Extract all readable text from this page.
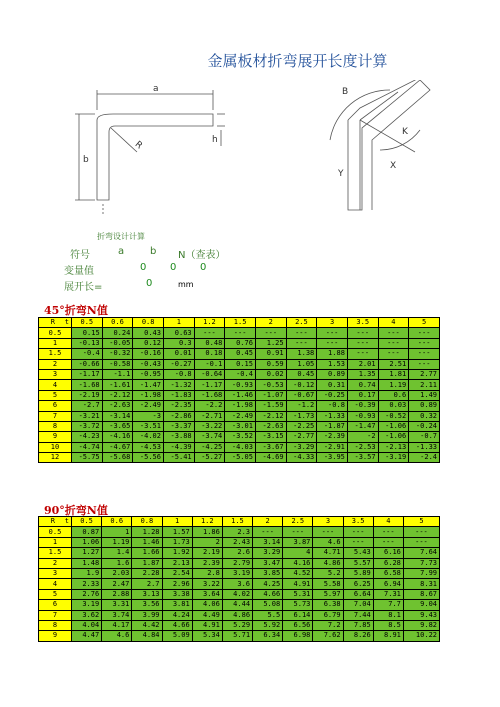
金属板材折弯展开长度计算
a
b
R	h
B
X
Y
K
折弯设计计算
符号	a	b	N（查表）
变量值	0	0	0
展开长=	0	mm
45°折弯N值
R t	0.5	0.6	0.8	1	1.2	1.5	2	2.5	3	3.5	4	5
0.5	0.15	0.24	0.43	0.63	---	---	---	---	---	---	---	---
1	-0.13	-0.05	0.12	0.3	0.48	0.76	1.25	---	---	---	---	---
1.5	-0.4	-0.32	-0.16	0.01	0.18	0.45	0.91	1.38	1.88	---	---	---
2	-0.66	-0.58	-0.43	-0.27	-0.1	0.15	0.59	1.05	1.53	2.01	2.51	---
3	-1.17	-1.1	-0.95	-0.8	-0.64	-0.4	0.02	0.45	0.89	1.35	1.81	2.77
4	-1.68	-1.61	-1.47	-1.32	-1.17	-0.93	-0.53	-0.12	0.31	0.74	1.19	2.11
5	-2.19	-2.12	-1.98	-1.83	-1.68	-1.46	-1.07	-0.67	-0.25	0.17	0.6	1.49
6	-2.7	-2.63	-2.49	-2.35	-2.2	-1.98	-1.59	-1.2	-0.8	-0.39	0.03	0.89
7	-3.21	-3.14	-3	-2.86	-2.71	-2.49	-2.12	-1.73	-1.33	-0.93	-0.52	0.32
8	-3.72	-3.65	-3.51	-3.37	-3.22	-3.01	-2.63	-2.25	-1.87	-1.47	-1.06	-0.24
9	-4.23	-4.16	-4.02	-3.88	-3.74	-3.52	-3.15	-2.77	-2.39	-2	-1.06	-0.7
10	-4.74	-4.67	-4.53	-4.39	-4.25	-4.03	-3.67	-3.29	-2.91	-2.53	-2.13	-1.33
12	-5.75	-5.68	-5.56	-5.41	-5.27	-5.05	-4.69	-4.33	-3.95	-3.57	-3.19	-2.4
90°折弯N值
R t	0.5	0.6	0.8	1	1.2	1.5	2	2.5	3	3.5	4	5
0.5	0.87	1	1.28	1.57	1.86	2.3	---	---	---	---	---	---
1	1.06	1.19	1.46	1.73	2	2.43	3.14	3.87	4.6	---	---	---
1.5	1.27	1.4	1.66	1.92	2.19	2.6	3.29	4	4.71	5.43	6.16	7.64
2	1.48	1.6	1.87	2.13	2.39	2.79	3.47	4.16	4.86	5.57	6.28	7.73
3	1.9	2.03	2.28	2.54	2.8	3.19	3.85	4.52	5.2	5.89	6.58	7.99
4	2.33	2.47	2.7	2.96	3.22	3.6	4.25	4.91	5.58	6.25	6.94	8.31
5	2.76	2.88	3.13	3.38	3.64	4.02	4.66	5.31	5.97	6.64	7.31	8.67
6	3.19	3.31	3.56	3.81	4.06	4.44	5.08	5.73	6.38	7.04	7.7	9.04
7	3.62	3.74	3.99	4.24	4.49	4.86	5.5	6.14	6.79	7.44	8.1	9.43
8	4.04	4.17	4.42	4.66	4.91	5.29	5.92	6.56	7.2	7.85	8.5	9.82
9	4.47	4.6	4.84	5.09	5.34	5.71	6.34	6.98	7.62	8.26	8.91	10.22
